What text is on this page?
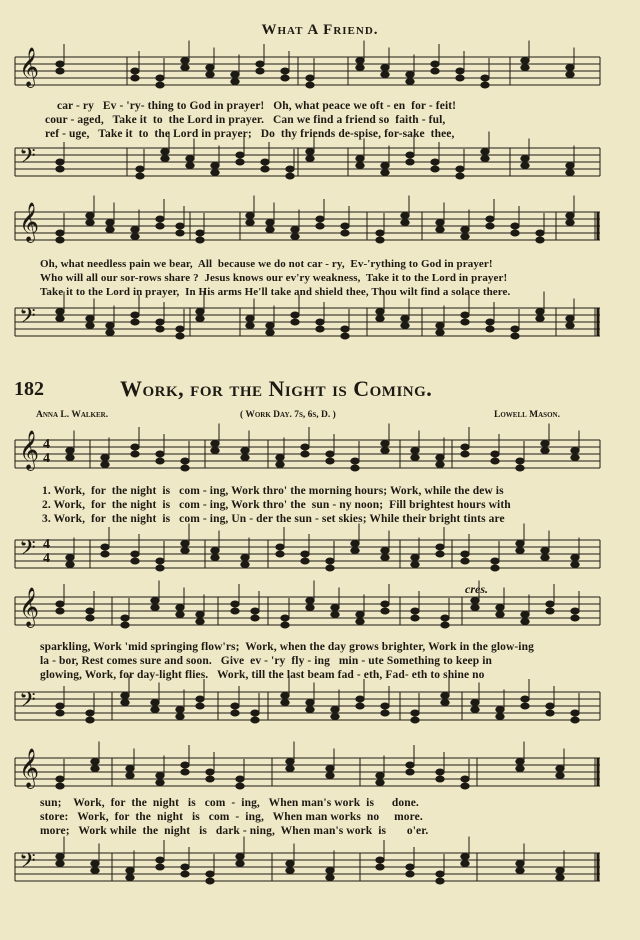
𝄞
𝄢
𝄞
𝄢
𝄞
𝄢
𝄞
𝄢
𝄞
𝄢
4
4
4
4
What A Friend.
car - ry   Ev - 'ry- thing to God in prayer!   Oh, what peace we oft - en  for - feit!
cour - aged,   Take it  to  the Lord in prayer.   Can we find a friend so  faith - ful,
ref - uge,   Take it  to  the Lord in prayer;   Do  thy friends de-spise, for-sake  thee,
Oh, what needless pain we bear,  All  because we do not car - ry,  Ev-'rything to God in prayer!
Who will all our sor-rows share ?  Jesus knows our ev'ry weakness,  Take it to the Lord in prayer!
Take it to the Lord in prayer,  In His arms He'll take and shield thee, Thou wilt find a solace there.
182	Work, for the Night is Coming.
Anna L. Walker.	( Work Day. 7s, 6s, D. )	Lowell Mason.
1. Work,  for  the night  is   com - ing, Work thro' the morning hours; Work, while the dew is
2. Work,  for  the night  is   com - ing, Work thro' the  sun - ny noon;  Fill brightest hours with
3. Work,  for  the night  is   com - ing, Un - der the sun - set skies; While their bright tints are
cres.
sparkling, Work 'mid springing flow'rs;  Work, when the day grows brighter, Work in the glow-ing
la - bor, Rest comes sure and soon.   Give  ev - 'ry  fly - ing   min - ute Something to keep in
glowing, Work, for day-light flies.   Work, till the last beam fad - eth, Fad- eth to shine no
sun;    Work,  for  the  night   is   com  -  ing,   When man's work  is      done.
store:   Work,  for  the  night   is   com  -  ing,   When man works  no     more.
more;   Work while  the  night   is   dark - ning,  When man's work  is       o'er.
